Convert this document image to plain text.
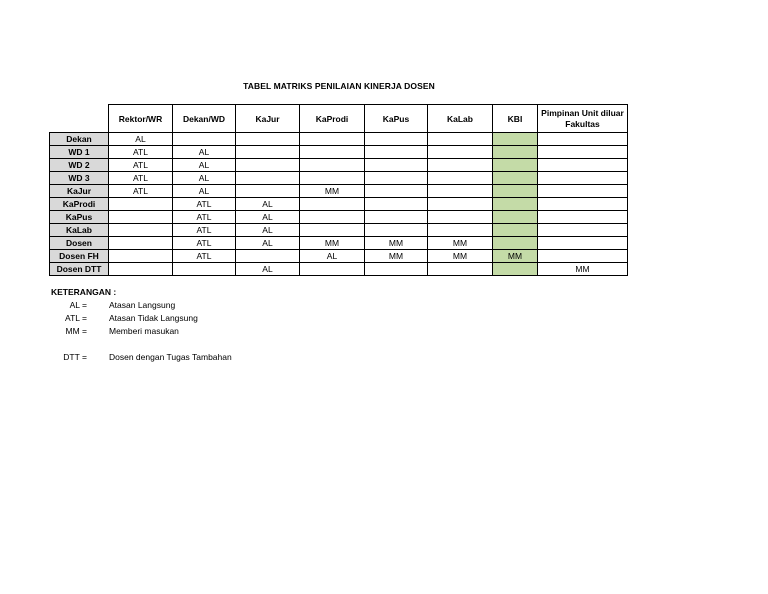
TABEL MATRIKS PENILAIAN KINERJA DOSEN
	Rektor/WR	Dekan/WD	KaJur	KaProdi	KaPus	KaLab	KBI	Pimpinan Unit diluar Fakultas
Dekan	AL							
WD 1	ATL	AL						
WD 2	ATL	AL						
WD 3	ATL	AL						
KaJur	ATL	AL		MM				
KaProdi		ATL	AL					
KaPus		ATL	AL					
KaLab		ATL	AL					
Dosen		ATL	AL	MM	MM	MM		
Dosen FH		ATL		AL	MM	MM	MM	
Dosen DTT			AL					MM
KETERANGAN :
AL =	Atasan Langsung
ATL =	Atasan Tidak Langsung
MM =	Memberi masukan
DTT =	Dosen dengan Tugas Tambahan
